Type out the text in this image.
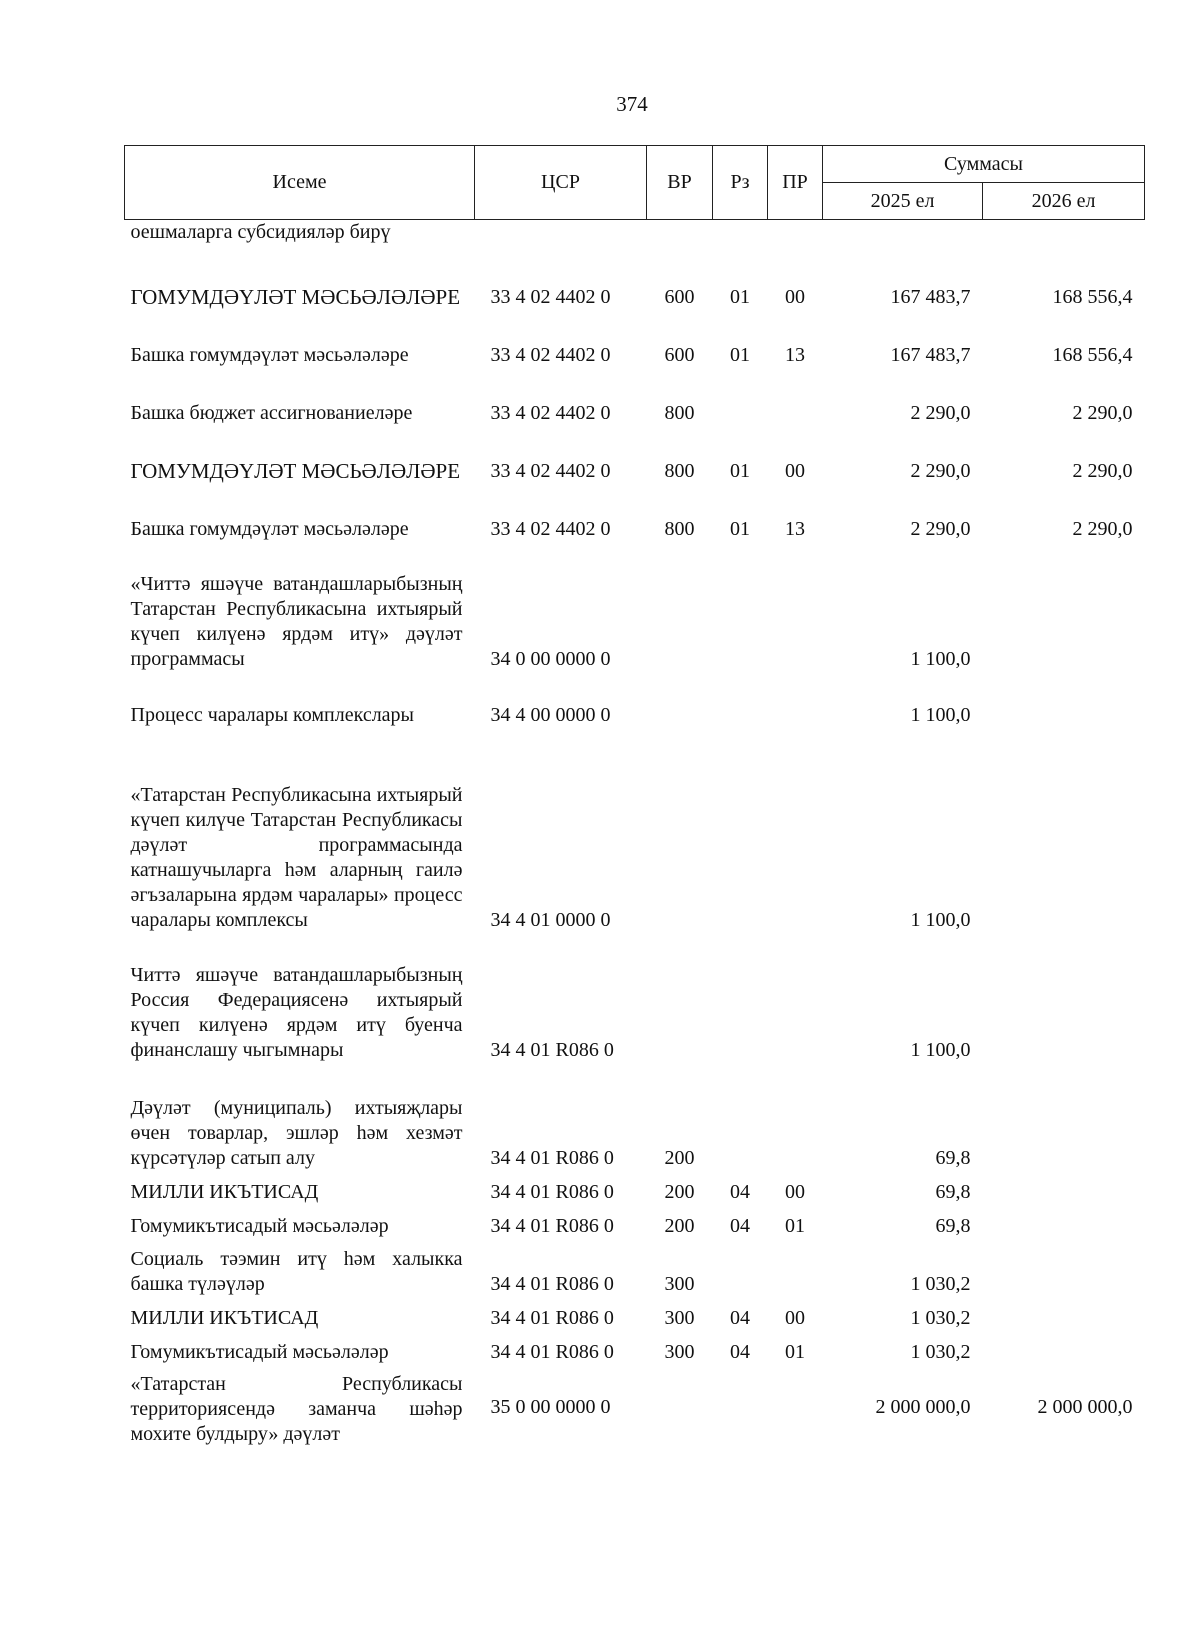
374
Исеме	ЦСР	ВР	Рз	ПР	Суммасы	
					2025 ел	2026 ел
оешмаларга субсидияләр бирү						
ГОМУМДӘҮЛӘТ МӘСЬӘЛӘЛӘРЕ	33 4 02 4402 0	600	01	00	167 483,7	168 556,4
Башка гомумдәүләт мәсьәләләре	33 4 02 4402 0	600	01	13	167 483,7	168 556,4
Башка бюджет ассигнованиеләре	33 4 02 4402 0	800			2 290,0	2 290,0
ГОМУМДӘҮЛӘТ МӘСЬӘЛӘЛӘРЕ	33 4 02 4402 0	800	01	00	2 290,0	2 290,0
Башка гомумдәүләт мәсьәләләре	33 4 02 4402 0	800	01	13	2 290,0	2 290,0
«Читтә яшәүче ватандашларыбызның Татарстан Республикасына ихтыярый күчеп килүенә ярдәм итү» дәүләт программасы	34 0 00 0000 0				1 100,0	
Процесс чаралары комплекслары	34 4 00 0000 0				1 100,0	
«Татарстан Республикасына ихтыярый күчеп килүче Татарстан Республикасы дәүләт программасында катнашучыларга һәм аларның гаилә әгъзаларына ярдәм чаралары» процесс чаралары комплексы	34 4 01 0000 0				1 100,0	
Читтә яшәүче ватандашларыбызның Россия Федерациясенә ихтыярый күчеп килүенә ярдәм итү буенча финанслашу чыгымнары	34 4 01 R086 0				1 100,0	
Дәүләт (муниципаль) ихтыяҗлары өчен товарлар, эшләр һәм хезмәт күрсәтүләр сатып алу	34 4 01 R086 0	200			69,8	
МИЛЛИ ИКЪТИСАД	34 4 01 R086 0	200	04	00	69,8	
Гомумикътисадый мәсьәләләр	34 4 01 R086 0	200	04	01	69,8	
Социаль тәэмин итү һәм халыкка башка түләүләр	34 4 01 R086 0	300			1 030,2	
МИЛЛИ ИКЪТИСАД	34 4 01 R086 0	300	04	00	1 030,2	
Гомумикътисадый мәсьәләләр	34 4 01 R086 0	300	04	01	1 030,2	
«Татарстан Республикасы территориясендә заманча шәһәр мохите булдыру» дәүләт	35 0 00 0000 0				2 000 000,0	2 000 000,0
